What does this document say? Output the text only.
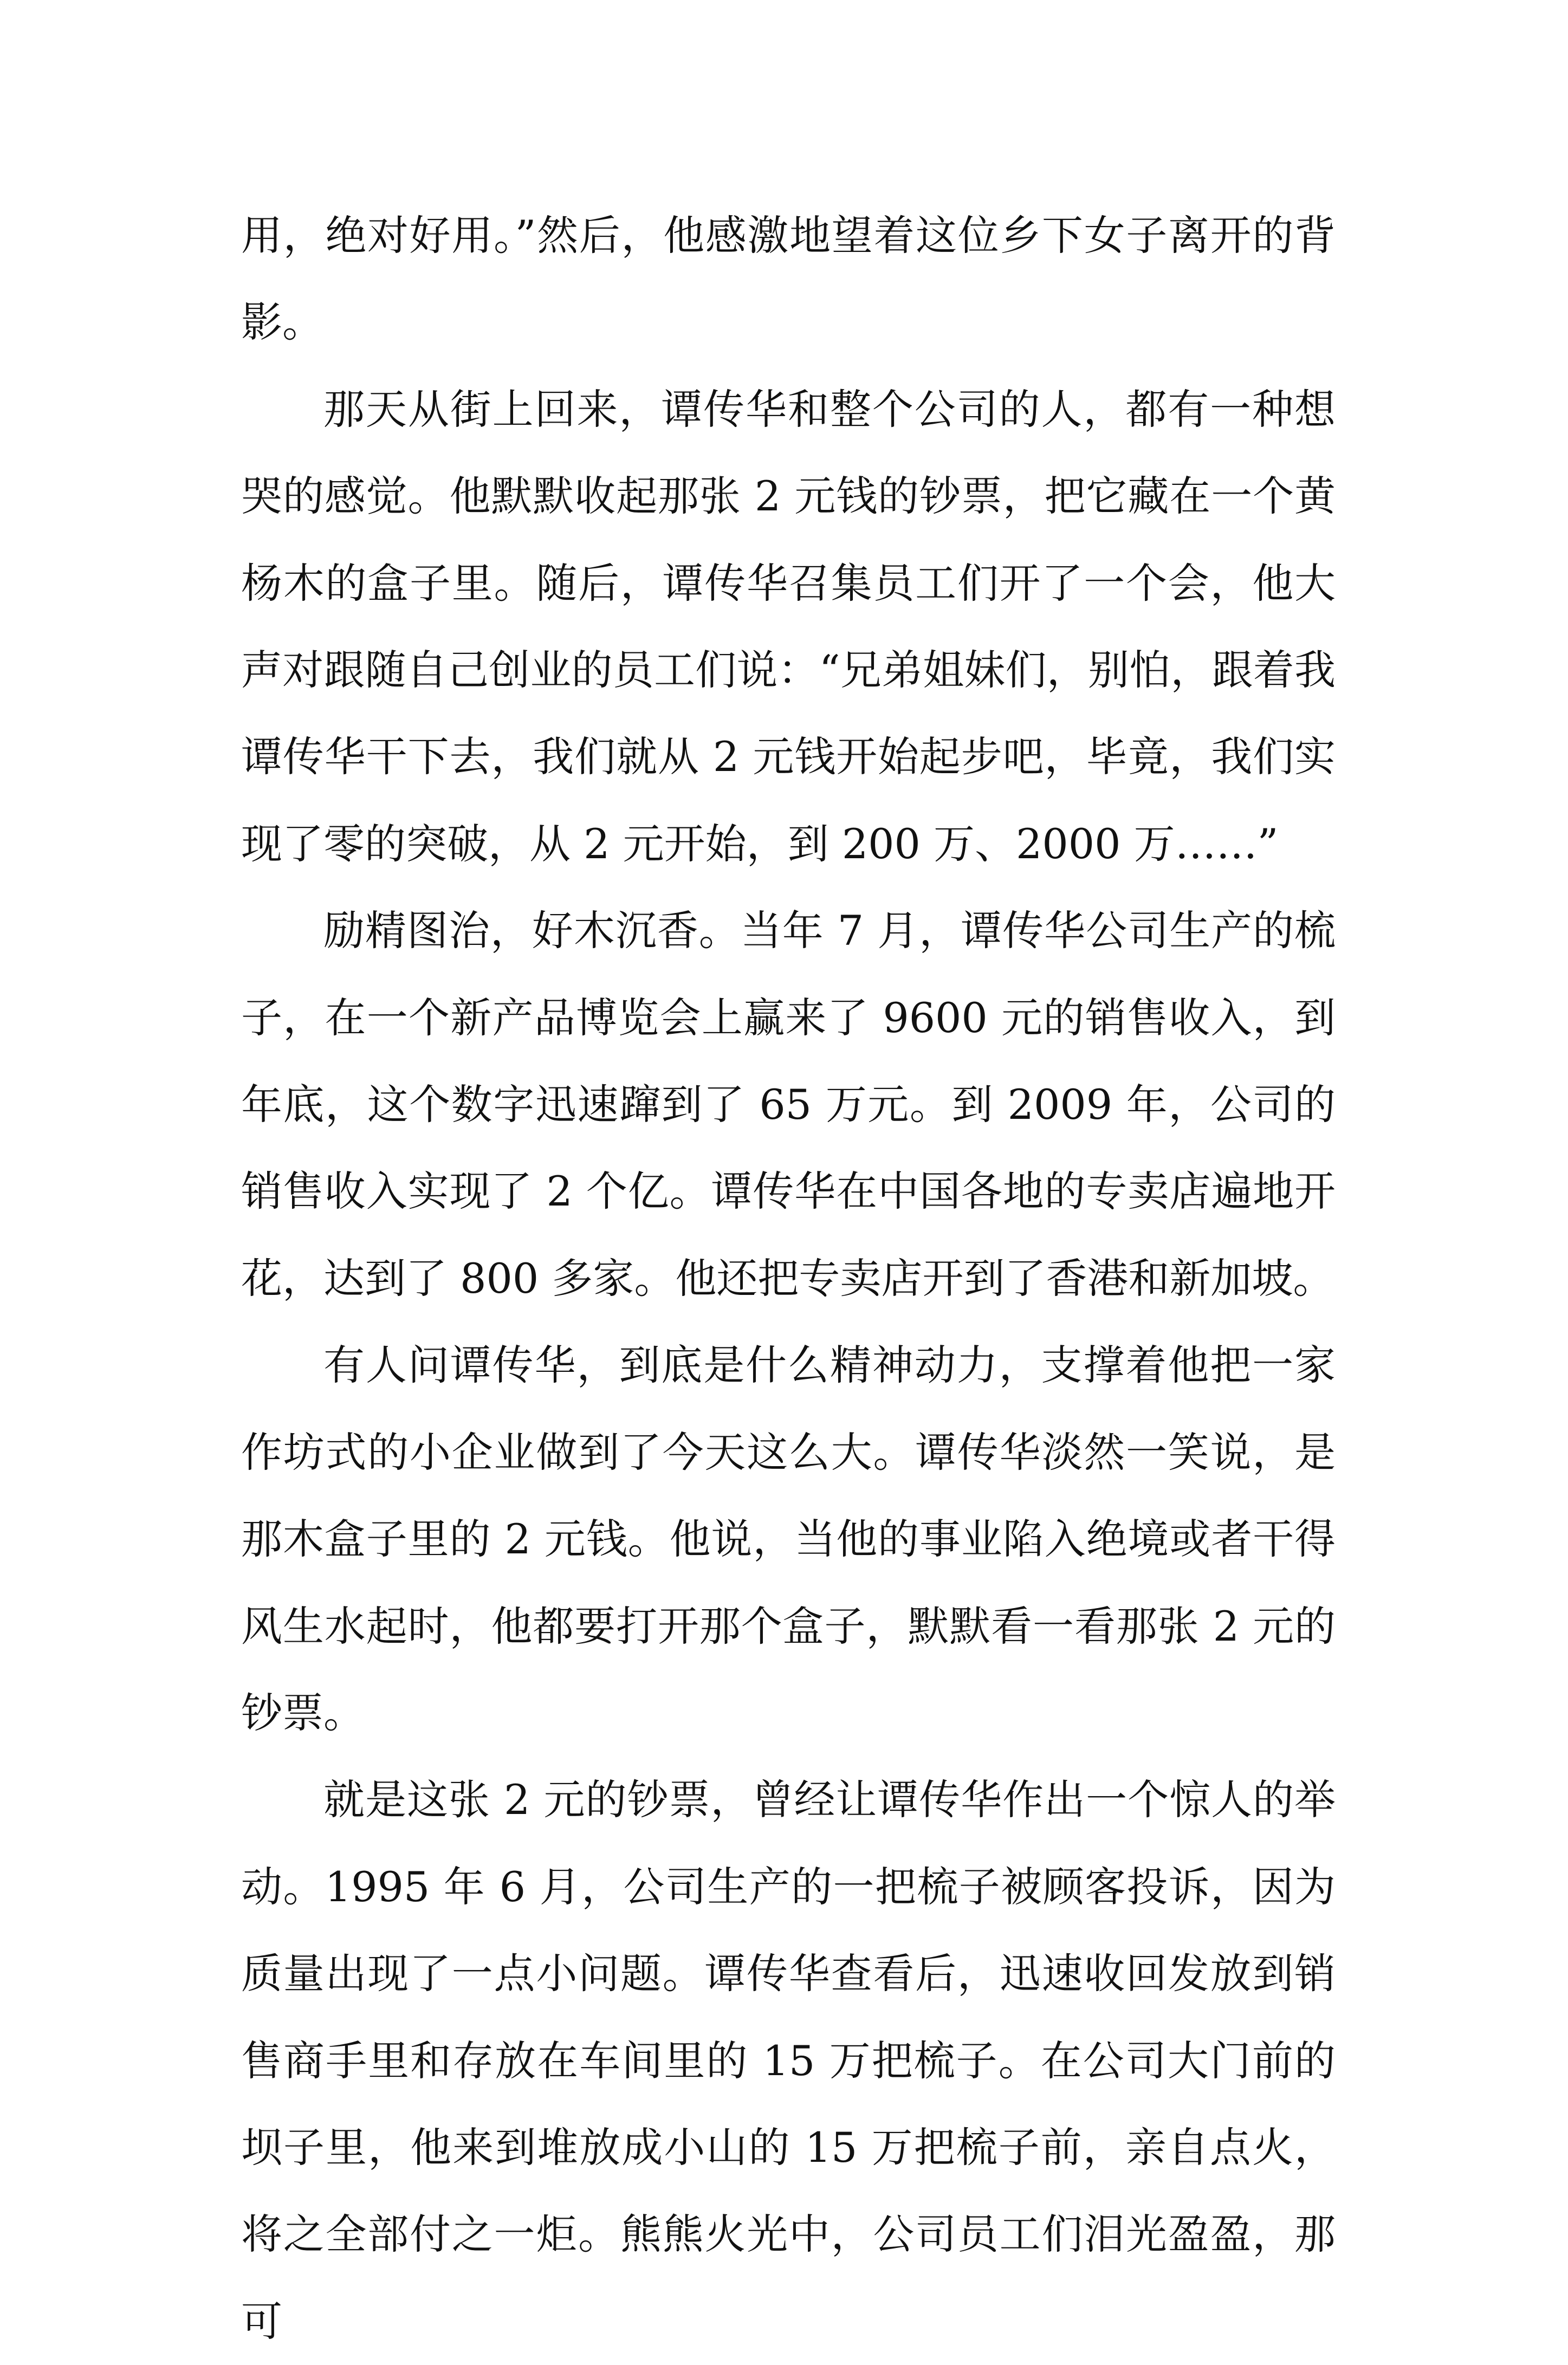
用，绝对好用。”然后，他感激地望着这位乡下女子离开的背影。

那天从街上回来，谭传华和整个公司的人，都有一种想哭的感觉。他默默收起那张 2 元钱的钞票，把它藏在一个黄杨木的盒子里。随后，谭传华召集员工们开了一个会，他大声对跟随自己创业的员工们说：“兄弟姐妹们，别怕，跟着我谭传华干下去，我们就从 2 元钱开始起步吧，毕竟，我们实现了零的突破，从 2 元开始，到 200 万、2000 万……”

励精图治，好木沉香。当年 7 月，谭传华公司生产的梳子，在一个新产品博览会上赢来了 9600 元的销售收入，到年底，这个数字迅速蹿到了 65 万元。到 2009 年，公司的销售收入实现了 2 个亿。谭传华在中国各地的专卖店遍地开花，达到了 800 多家。他还把专卖店开到了香港和新加坡。

有人问谭传华，到底是什么精神动力，支撑着他把一家作坊式的小企业做到了今天这么大。谭传华淡然一笑说，是那木盒子里的 2 元钱。他说，当他的事业陷入绝境或者干得风生水起时，他都要打开那个盒子，默默看一看那张 2 元的钞票。

就是这张 2 元的钞票，曾经让谭传华作出一个惊人的举动。1995 年 6 月，公司生产的一把梳子被顾客投诉，因为质量出现了一点小问题。谭传华查看后，迅速收回发放到销售商手里和存放在车间里的 15 万把梳子。在公司大门前的坝子里，他来到堆放成小山的 15 万把梳子前，亲自点火，将之全部付之一炬。熊熊火光中，公司员工们泪光盈盈，那可
